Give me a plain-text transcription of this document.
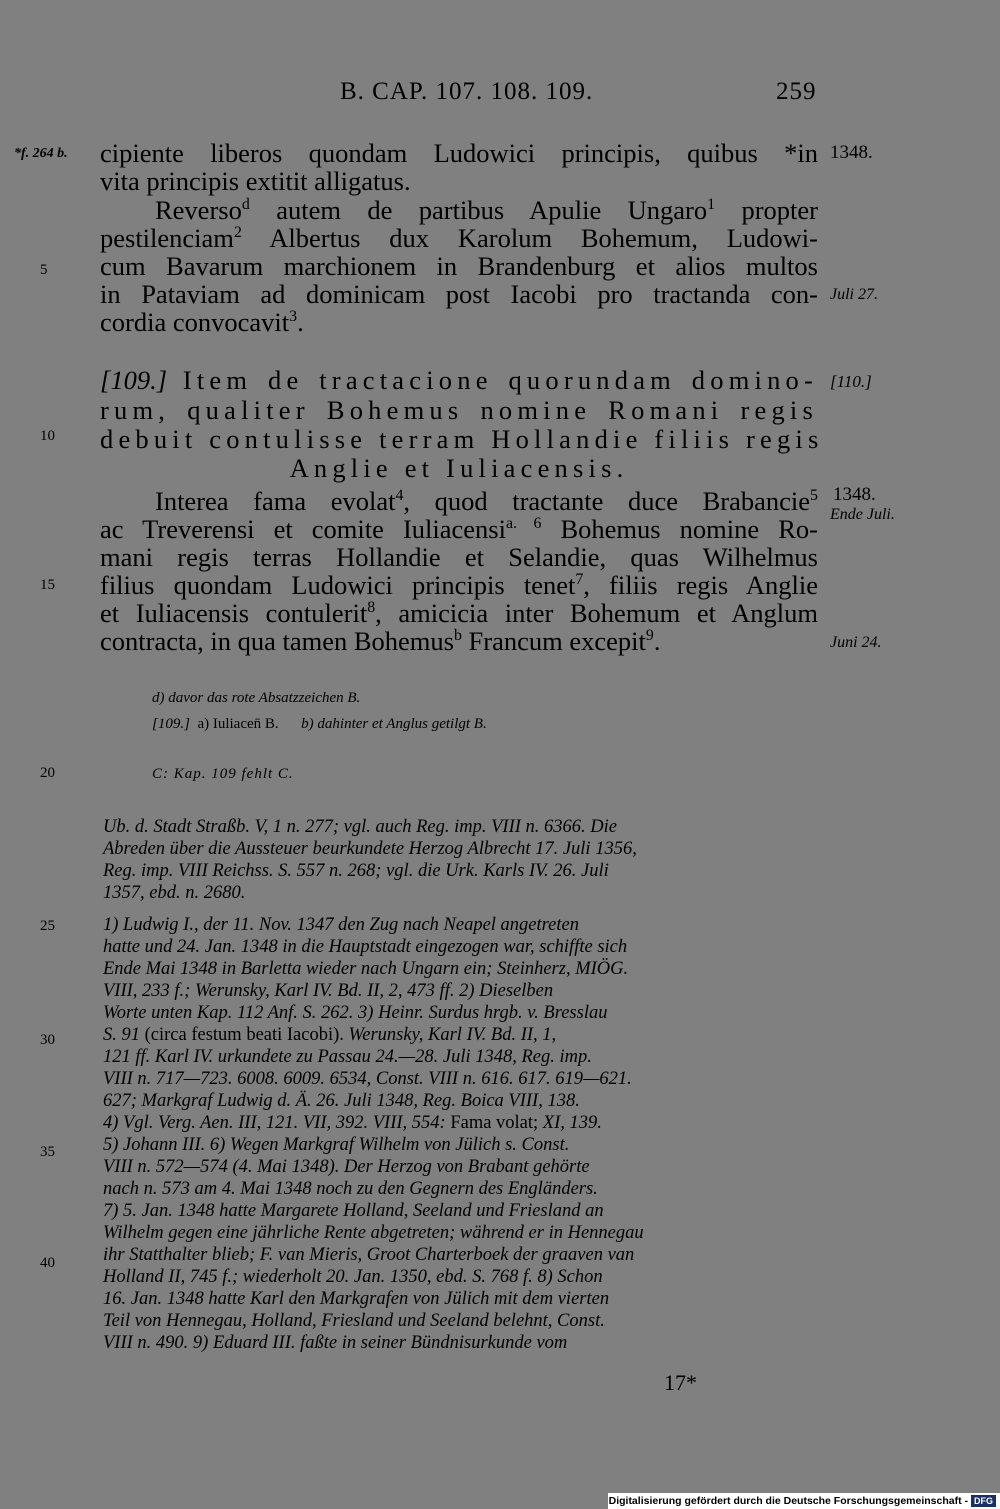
B. CAP. 107. 108. 109.	259
*f. 264 b.
5
10
15
20
25
30
35
40
1348.
Juli 27.
[110.]
1348.
Ende Juli.
Juni 24.
cipiente liberos quondam Ludowici principis, quibus *in
vita principis extitit alligatus.
Reverso$^d$ autem de partibus Apulie Ungaro$^1$ propter
pestilenciam$^2$ Albertus dux Karolum Bohemum, Ludowi-
cum Bavarum marchionem in Brandenburg et alios multos
in Pataviam ad dominicam post Iacobi pro tractanda con-
cordia convocavit$^3$.
[109.] Item de tractacione quorundam domino-
rum, qualiter Bohemus nomine Romani regis
debuit contulisse terram Hollandie filiis regis
Anglie et Iuliacensis.
Interea fama evolat$^4$, quod tractante duce Brabancie$^5$
ac Treverensi et comite Iuliacensi$^{a. 6}$ Bohemus nomine Ro-
mani regis terras Hollandie et Selandie, quas Wilhelmus
filius quondam Ludowici principis tenet$^7$, filiis regis Anglie
et Iuliacensis contulerit$^8$, amicicia inter Bohemum et Anglum
contracta, in qua tamen Bohemus$^b$ Francum excepit$^9$.
d) davor das rote Absatzzeichen B.
[109.] a) Iuliacen̄ B. b) dahinter et Anglus getilgt B.
C: Kap. 109 fehlt C.
Ub. d. Stadt Straßb. V, 1 n. 277; vgl. auch Reg. imp. VIII n. 6366. Die
Abreden über die Aussteuer beurkundete Herzog Albrecht 17. Juli 1356,
Reg. imp. VIII Reichss. S. 557 n. 268; vgl. die Urk. Karls IV. 26. Juli
1357, ebd. n. 2680.
1) Ludwig I., der 11. Nov. 1347 den Zug nach Neapel angetreten
hatte und 24. Jan. 1348 in die Hauptstadt eingezogen war, schiffte sich
Ende Mai 1348 in Barletta wieder nach Ungarn ein; Steinherz, MIÖG.
VIII, 233 f.; Werunsky, Karl IV. Bd. II, 2, 473 ff. 2) Dieselben
Worte unten Kap. 112 Anf. S. 262. 3) Heinr. Surdus hrgb. v. Bresslau
S. 91 (circa festum beati Iacobi). Werunsky, Karl IV. Bd. II, 1,
121 ff. Karl IV. urkundete zu Passau 24.—28. Juli 1348, Reg. imp.
VIII n. 717—723. 6008. 6009. 6534, Const. VIII n. 616. 617. 619—621.
627; Markgraf Ludwig d. Ä. 26. Juli 1348, Reg. Boica VIII, 138.
4) Vgl. Verg. Aen. III, 121. VII, 392. VIII, 554: Fama volat; XI, 139.
5) Johann III. 6) Wegen Markgraf Wilhelm von Jülich s. Const.
VIII n. 572—574 (4. Mai 1348). Der Herzog von Brabant gehörte
nach n. 573 am 4. Mai 1348 noch zu den Gegnern des Engländers.
7) 5. Jan. 1348 hatte Margarete Holland, Seeland und Friesland an
Wilhelm gegen eine jährliche Rente abgetreten; während er in Hennegau
ihr Statthalter blieb; F. van Mieris, Groot Charterboek der graaven van
Holland II, 745 f.; wiederholt 20. Jan. 1350, ebd. S. 768 f. 8) Schon
16. Jan. 1348 hatte Karl den Markgrafen von Jülich mit dem vierten
Teil von Hennegau, Holland, Friesland und Seeland belehnt, Const.
VIII n. 490. 9) Eduard III. faßte in seiner Bündnisurkunde vom
17*
Digitalisierung gefördert durch die Deutsche Forschungsgemeinschaft - DFG
